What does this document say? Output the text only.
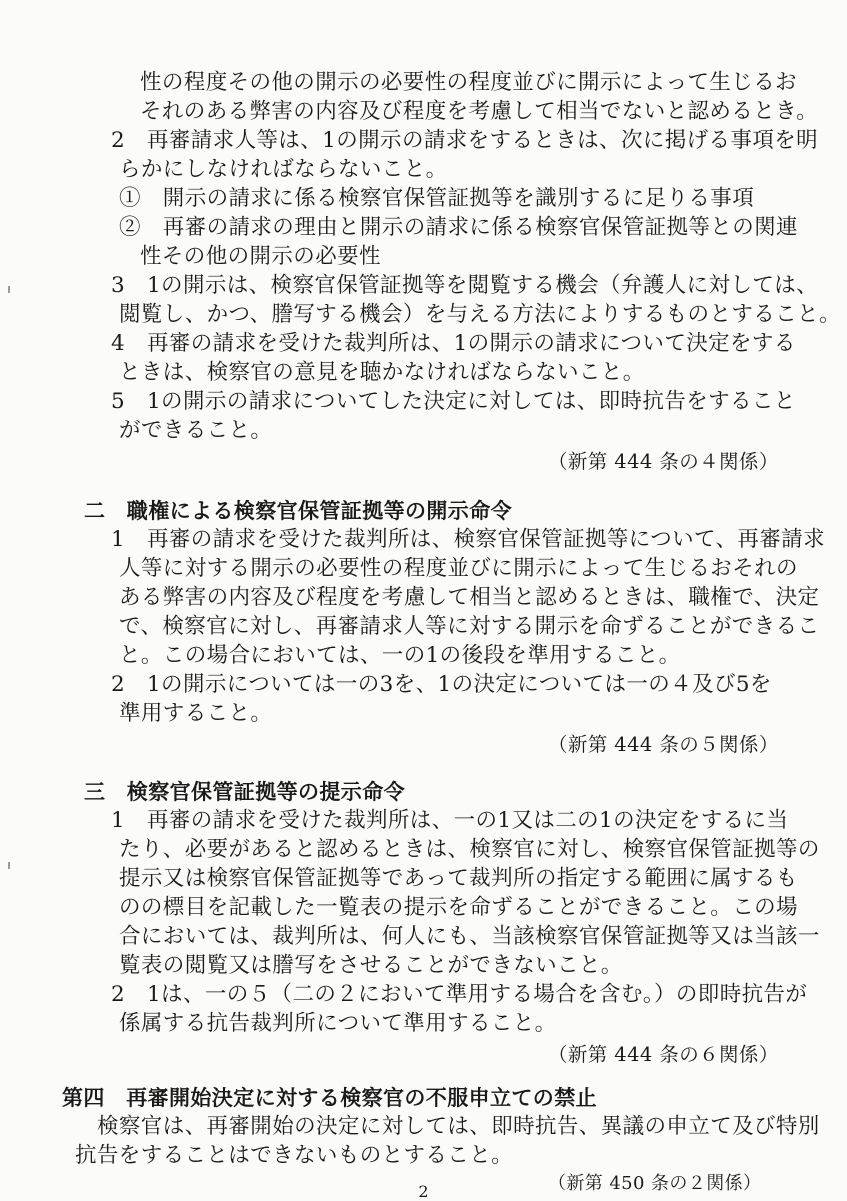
性の程度その他の開示の必要性の程度並びに開示によって生じるお
それのある弊害の内容及び程度を考慮して相当でないと認めるとき。
2　再審請求人等は、1の開示の請求をするときは、次に掲げる事項を明
らかにしなければならないこと。
①　開示の請求に係る検察官保管証拠等を識別するに足りる事項
②　再審の請求の理由と開示の請求に係る検察官保管証拠等との関連
性その他の開示の必要性
3　1の開示は、検察官保管証拠等を閲覧する機会（弁護人に対しては、
閲覧し、かつ、謄写する機会）を与える方法によりするものとすること。
4　再審の請求を受けた裁判所は、1の開示の請求について決定をする
ときは、検察官の意見を聴かなければならないこと。
5　1の開示の請求についてした決定に対しては、即時抗告をすること
ができること。
（新第 444 条の４関係）
二　職権による検察官保管証拠等の開示命令
1　再審の請求を受けた裁判所は、検察官保管証拠等について、再審請求
人等に対する開示の必要性の程度並びに開示によって生じるおそれの
ある弊害の内容及び程度を考慮して相当と認めるときは、職権で、決定
で、検察官に対し、再審請求人等に対する開示を命ずることができるこ
と。この場合においては、一の1の後段を準用すること。
2　1の開示については一の3を、1の決定については一の４及び5を
準用すること。
（新第 444 条の５関係）
三　検察官保管証拠等の提示命令
1　再審の請求を受けた裁判所は、一の1又は二の1の決定をするに当
たり、必要があると認めるときは、検察官に対し、検察官保管証拠等の
提示又は検察官保管証拠等であって裁判所の指定する範囲に属するも
のの標目を記載した一覧表の提示を命ずることができること。この場
合においては、裁判所は、何人にも、当該検察官保管証拠等又は当該一
覧表の閲覧又は謄写をさせることができないこと。
2　1は、一の５（二の２において準用する場合を含む。）の即時抗告が
係属する抗告裁判所について準用すること。
（新第 444 条の６関係）
第四　再審開始決定に対する検察官の不服申立ての禁止
検察官は、再審開始の決定に対しては、即時抗告、異議の申立て及び特別
抗告をすることはできないものとすること。
（新第 450 条の２関係）
2
